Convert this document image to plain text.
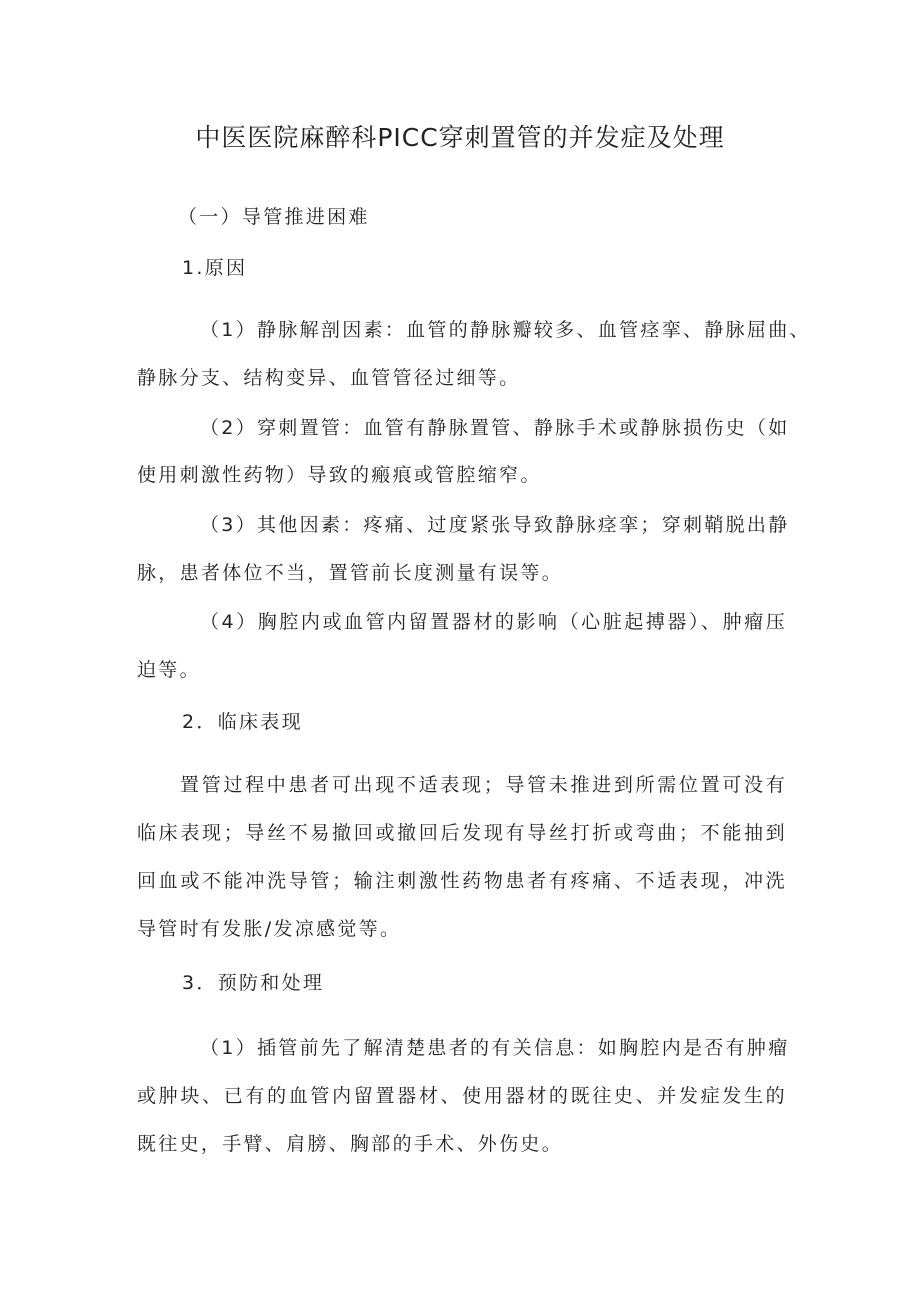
中医医院麻醉科PICC穿刺置管的并发症及处理
（一）导管推进困难
1.原因
（1）静脉解剖因素：血管的静脉瓣较多、血管痉挛、静脉屈曲、
静脉分支、结构变异、血管管径过细等。
（2）穿刺置管：血管有静脉置管、静脉手术或静脉损伤史（如
使用刺激性药物）导致的瘢痕或管腔缩窄。
（3）其他因素：疼痛、过度紧张导致静脉痉挛；穿刺鞘脱出静
脉，患者体位不当，置管前长度测量有误等。
（4）胸腔内或血管内留置器材的影响（心脏起搏器）、肿瘤压
迫等。
2．临床表现
置管过程中患者可出现不适表现；导管未推进到所需位置可没有
临床表现；导丝不易撤回或撤回后发现有导丝打折或弯曲；不能抽到
回血或不能冲洗导管；输注刺激性药物患者有疼痛、不适表现，冲洗
导管时有发胀/发凉感觉等。
3．预防和处理
（1）插管前先了解清楚患者的有关信息：如胸腔内是否有肿瘤
或肿块、已有的血管内留置器材、使用器材的既往史、并发症发生的
既往史，手臂、肩膀、胸部的手术、外伤史。
